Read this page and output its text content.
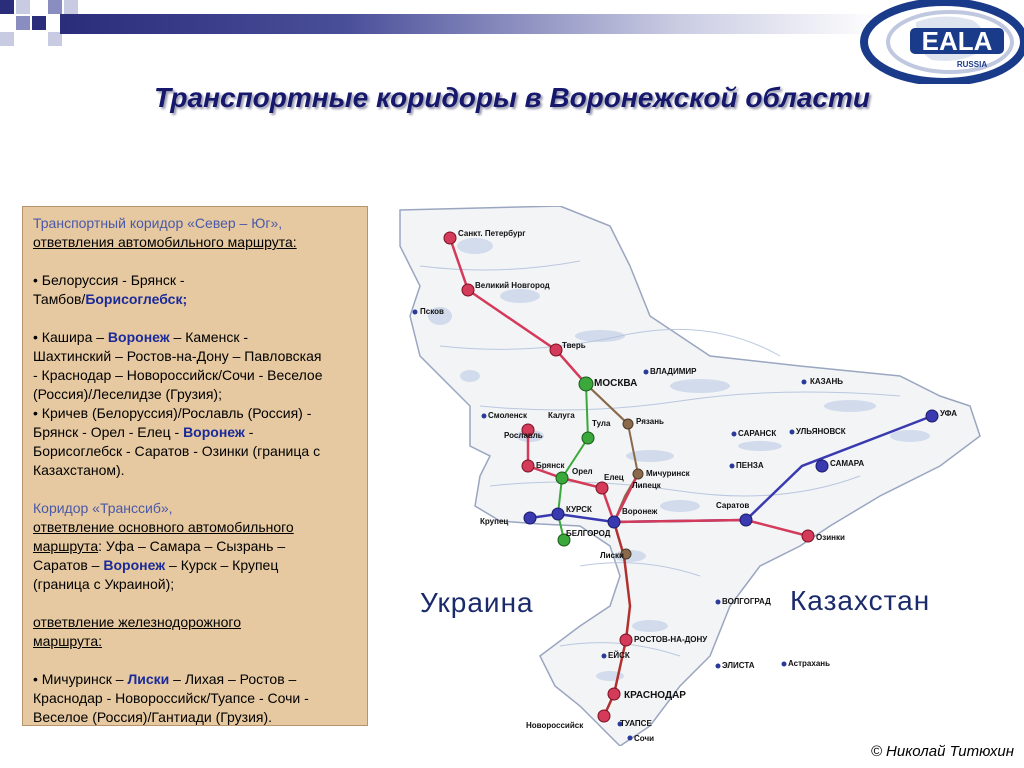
EALA
RUSSIA
Транспортные коридоры в Воронежской области
Транспортный коридор «Север – Юг»,
ответвления автомобильного маршрута:
• Белоруссия - Брянск -
Тамбов/Борисоглебск;
• Кашира – Воронеж – Каменск -
Шахтинский – Ростов-на-Дону – Павловская
- Краснодар – Новороссийск/Сочи - Веселое
(Россия)/Леселидзе (Грузия);
• Кричев (Белоруссия)/Рославль (Россия) -
Брянск - Орел - Елец - Воронеж -
Борисоглебск - Саратов - Озинки (граница с
Казахстаном).
Коридор «Транссиб»,
ответвление основного автомобильного
маршрута: Уфа – Самара – Сызрань –
Саратов – Воронеж – Курск – Крупец
(граница с Украиной);
ответвление железнодорожного
маршрута:
• Мичуринск – Лиски – Лихая – Ростов –
Краснодар - Новороссийск/Туапсе - Сочи -
Веселое (Россия)/Гантиади (Грузия).
Санкт. Петербург
Великий Новгород
Псков
Тверь
МОСКВА
ВЛАДИМИР
КАЗАНЬ
Смоленск	Калуга
Тула	Рязань
САРАНСК УЛЬЯНОВСК
УФА
Рославль
Брянск
Орел	Мичуринск
Липецк
ПЕНЗА	САМАРА
Елец
КУРСК	Воронеж
Саратов
Крупец
БЕЛГОРОД	Озинки
Лиски
ВОЛГОГРАД
РОСТОВ-НА-ДОНУ
ЕЙСК
ЭЛИСТА	Астрахань
КРАСНОДАР
Новороссийск	ТУАПСЕ
Сочи
Украина	Казахстан
© Николай Титюхин
